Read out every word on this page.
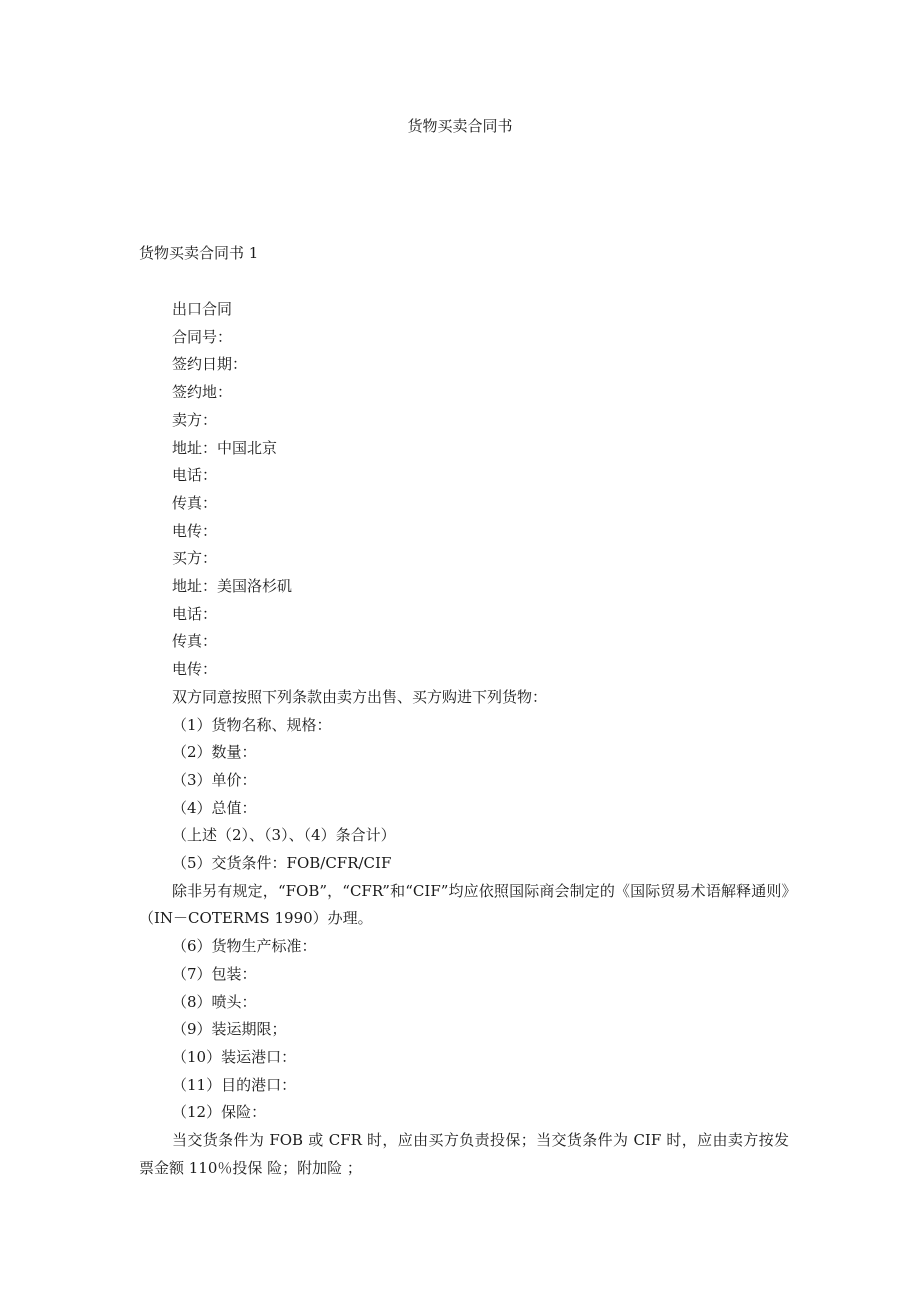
货物买卖合同书
货物买卖合同书 1
出口合同
合同号：
签约日期：
签约地：
卖方：
地址：中国北京
电话：
传真：
电传：
买方：
地址：美国洛杉矶
电话：
传真：
电传：
双方同意按照下列条款由卖方出售、买方购进下列货物：
（1）货物名称、规格：
（2）数量：
（3）单价：
（4）总值：
（上述（2）、（3）、（4）条合计）
（5）交货条件：FOB/CFR/CIF
除非另有规定，“FOB”，“CFR”和“CIF”均应依照国际商会制定的《国际贸易术语解释通则》（IN－COTERMS 1990）办理。
（6）货物生产标准：
（7）包装：
（8）喷头：
（9）装运期限；
（10）装运港口：
（11）目的港口：
（12）保险：
当交货条件为 FOB 或 CFR 时，应由买方负责投保；当交货条件为 CIF 时，应由卖方按发票金额 110％投保 险；附加险 ；
